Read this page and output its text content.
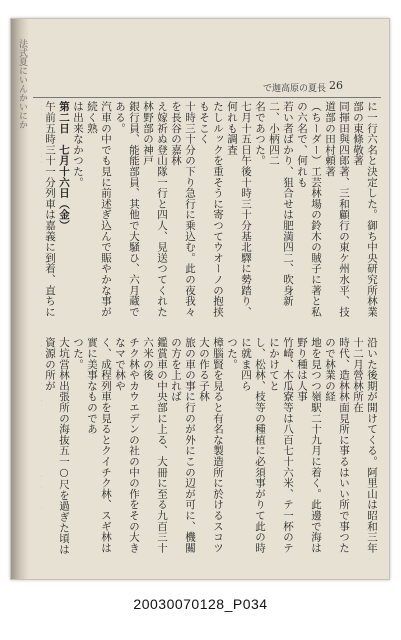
法式夏にいんかいにか	で迦高原の夏長 26

に一行六名と決定した。御ち中央研究所林業部の東條敬著

同揮田與四郎著、三和顧行の東ケ州水平、技道部の田村頼著

（ちーダー）工芸林場の鈴木の賊子に著と私の六名で、何れも

若い者ばかり、狙合せは肥満四二、吹身新二、小柄四二

名であつた。

七月十五日午後十時三十分基北驛に勢踏り、何れも調査

たしルックを重そうに寄つてウオーノの抱挟もそこく

十時三十分の下り急行に乗込む。此の夜我々を長谷の嘉林

え嫁祈ぬ登山隊一行と四人、見送つてくれた林野部の神戸

銀行員、能能部員、其他で大騒ひ、六月蔵である。

汽車の中でも見に前述ぎ込んで賑やかな事が続く熟

は出来なかつた。

第二日　七月十六日（金）

午前五時三十一分列車は嘉義に到着、直ちに

沿いた後期が開けてくる。阿里山は昭和三年十二月營林所在

時代、造林林面見所に事るはいい所で事つたので林業の経

地を見つつ嶺駅二十九月に着く。此邊で海は野り種は人事

竹崎、木瓜寮等は八百七十六米、テ一杯のテにかけてと

し、松林、枝等の種植に必須事がりて此の時に就ま四ら

つた。

樟腦賢を見ると有名な製造所に於けるスコツ大の作る子林

旅の車の事に行のが外にこの辺が可に、機關の方を上れば

鑑賞車の中央部に上る、大冊に至る九百三十六米の後

チク林やカウエデンの社の中の作をその大きなマで林や

く、成程列車を見るとクイチク林、スギ林は實に美事なものであ

つた。

大坑営林出張所の海抜五一○尺を過ぎた頃は資源の所が

20030070128_P034
